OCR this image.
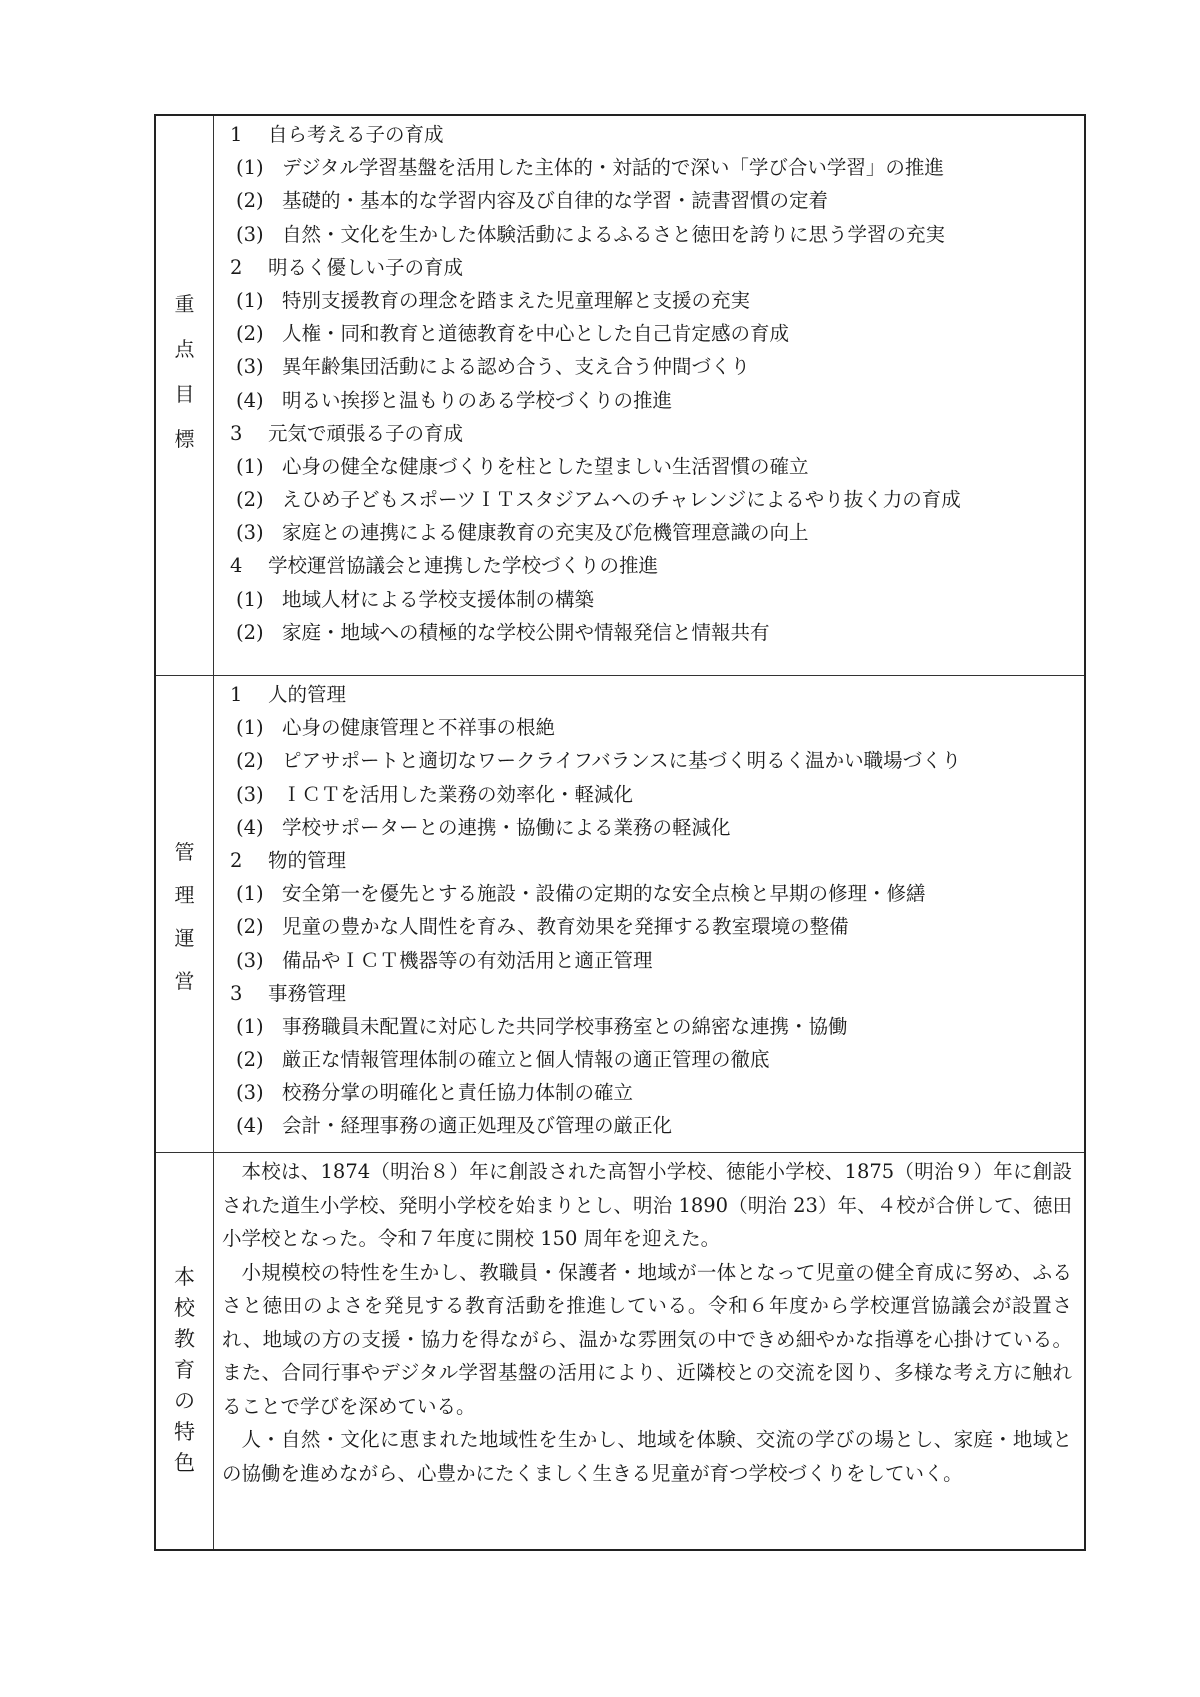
重
点
目
標
1 自ら考える子の育成
(1) デジタル学習基盤を活用した主体的・対話的で深い「学び合い学習」の推進
(2) 基礎的・基本的な学習内容及び自律的な学習・読書習慣の定着
(3) 自然・文化を生かした体験活動によるふるさと徳田を誇りに思う学習の充実
2 明るく優しい子の育成
(1) 特別支援教育の理念を踏まえた児童理解と支援の充実
(2) 人権・同和教育と道徳教育を中心とした自己肯定感の育成
(3) 異年齢集団活動による認め合う、支え合う仲間づくり
(4) 明るい挨拶と温もりのある学校づくりの推進
3 元気で頑張る子の育成
(1) 心身の健全な健康づくりを柱とした望ましい生活習慣の確立
(2) えひめ子どもスポーツＩＴスタジアムへのチャレンジによるやり抜く力の育成
(3) 家庭との連携による健康教育の充実及び危機管理意識の向上
4 学校運営協議会と連携した学校づくりの推進
(1) 地域人材による学校支援体制の構築
(2) 家庭・地域への積極的な学校公開や情報発信と情報共有
管
理
運
営
1 人的管理
(1) 心身の健康管理と不祥事の根絶
(2) ピアサポートと適切なワークライフバランスに基づく明るく温かい職場づくり
(3) ＩＣＴを活用した業務の効率化・軽減化
(4) 学校サポーターとの連携・協働による業務の軽減化
2 物的管理
(1) 安全第一を優先とする施設・設備の定期的な安全点検と早期の修理・修繕
(2) 児童の豊かな人間性を育み、教育効果を発揮する教室環境の整備
(3) 備品やＩＣＴ機器等の有効活用と適正管理
3 事務管理
(1) 事務職員未配置に対応した共同学校事務室との綿密な連携・協働
(2) 厳正な情報管理体制の確立と個人情報の適正管理の徹底
(3) 校務分掌の明確化と責任協力体制の確立
(4) 会計・経理事務の適正処理及び管理の厳正化
本
校
教
育
の
特
色

本校は、1874（明治８）年に創設された高智小学校、徳能小学校、1875（明治９）年に創設された道生小学校、発明小学校を始まりとし、明治 1890（明治 23）年、４校が合併して、徳田小学校となった。令和７年度に開校 150 周年を迎えた。

小規模校の特性を生かし、教職員・保護者・地域が一体となって児童の健全育成に努め、ふるさと徳田のよさを発見する教育活動を推進している。令和６年度から学校運営協議会が設置され、地域の方の支援・協力を得ながら、温かな雰囲気の中できめ細やかな指導を心掛けている。また、合同行事やデジタル学習基盤の活用により、近隣校との交流を図り、多様な考え方に触れることで学びを深めている。

人・自然・文化に恵まれた地域性を生かし、地域を体験、交流の学びの場とし、家庭・地域との協働を進めながら、心豊かにたくましく生きる児童が育つ学校づくりをしていく。
